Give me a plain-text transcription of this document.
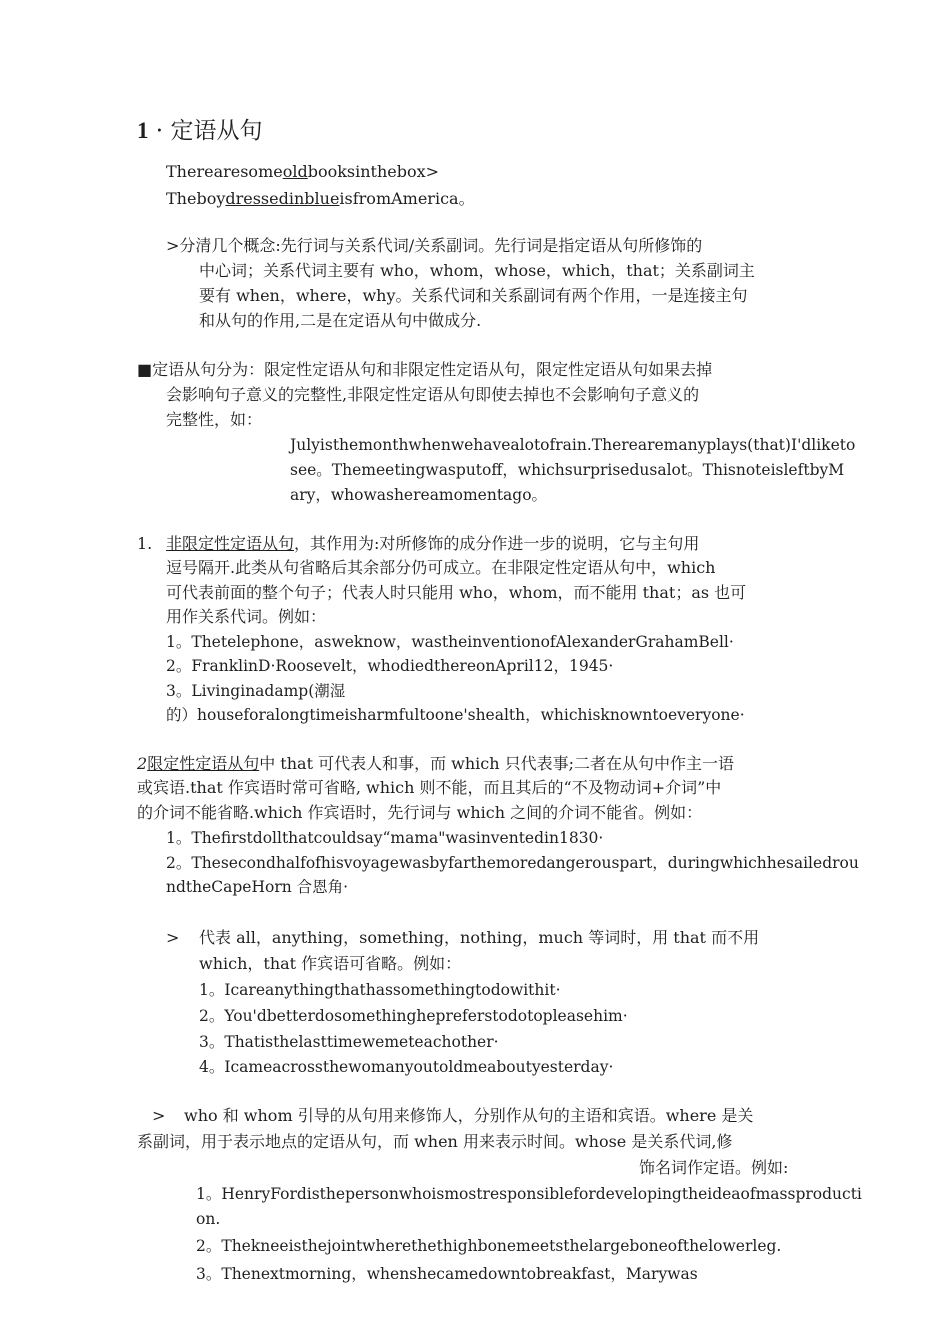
1 · 定语从句
Therearesomeoldbooksinthebox>
TheboydressedinblueisfromAmerica。
>分清几个概念:先行词与关系代词/关系副词。先行词是指定语从句所修饰的
中心词；关系代词主要有 who，whom，whose，which，that；关系副词主
要有 when，where，why。关系代词和关系副词有两个作用，一是连接主句
和从句的作用,二是在定语从句中做成分.
■定语从句分为：限定性定语从句和非限定性定语从句，限定性定语从句如果去掉
会影响句子意义的完整性,非限定性定语从句即使去掉也不会影响句子意义的
完整性，如：
Julyisthemonthwhenwehavealotofrain.Therearemanyplays(that)I'dliketo
see。Themeetingwasputoff，whichsurprisedusalot。ThisnoteisleftbyM
ary，whowashereamomentago。
1. 非限定性定语从句，其作用为:对所修饰的成分作进一步的说明，它与主句用
逗号隔开.此类从句省略后其余部分仍可成立。在非限定性定语从句中，which
可代表前面的整个句子；代表人时只能用 who，whom，而不能用 that；as 也可
用作关系代词。例如：
1。Thetelephone，asweknow，wastheinventionofAlexanderGrahamBell·
2。FranklinD·Roosevelt，whodiedthereonApril12，1945·
3。Livinginadamp(潮湿
的）houseforalongtimeisharmfultoone'shealth，whichisknowntoeveryone·
2限定性定语从句中 that 可代表人和事，而 which 只代表事;二者在从句中作主一语
或宾语.that 作宾语时常可省略, which 则不能，而且其后的“不及物动词+介词”中
的介词不能省略.which 作宾语时，先行词与 which 之间的介词不能省。例如：
1。Thefirstdollthatcouldsay“mama"wasinventedin1830·
2。Thesecondhalfofhisvoyagewasbyfarthemoredangerouspart，duringwhichhesailedrou
ndtheCapeHorn 合恩角·
> 代表 all，anything，something，nothing，much 等词时，用 that 而不用
which，that 作宾语可省略。例如：
1。Icareanythingthathassomethingtodowithit·
2。You'dbetterdosomethinghepreferstodotopleasehim·
3。Thatisthelasttimewemeteachother·
4。Icameacrossthewomanyoutoldmeaboutyesterday·
> who 和 whom 引导的从句用来修饰人，分别作从句的主语和宾语。where 是关
系副词，用于表示地点的定语从句，而 when 用来表示时间。whose 是关系代词,修
饰名词作定语。例如:
1。HenryFordisthepersonwhoismostresponsiblefordevelopingtheideaofmassproducti
on.
2。Thekneeisthejointwherethethighbonemeetsthelargeboneofthelowerleg.
3。Thenextmorning，whenshecamedowntobreakfast，Marywas
